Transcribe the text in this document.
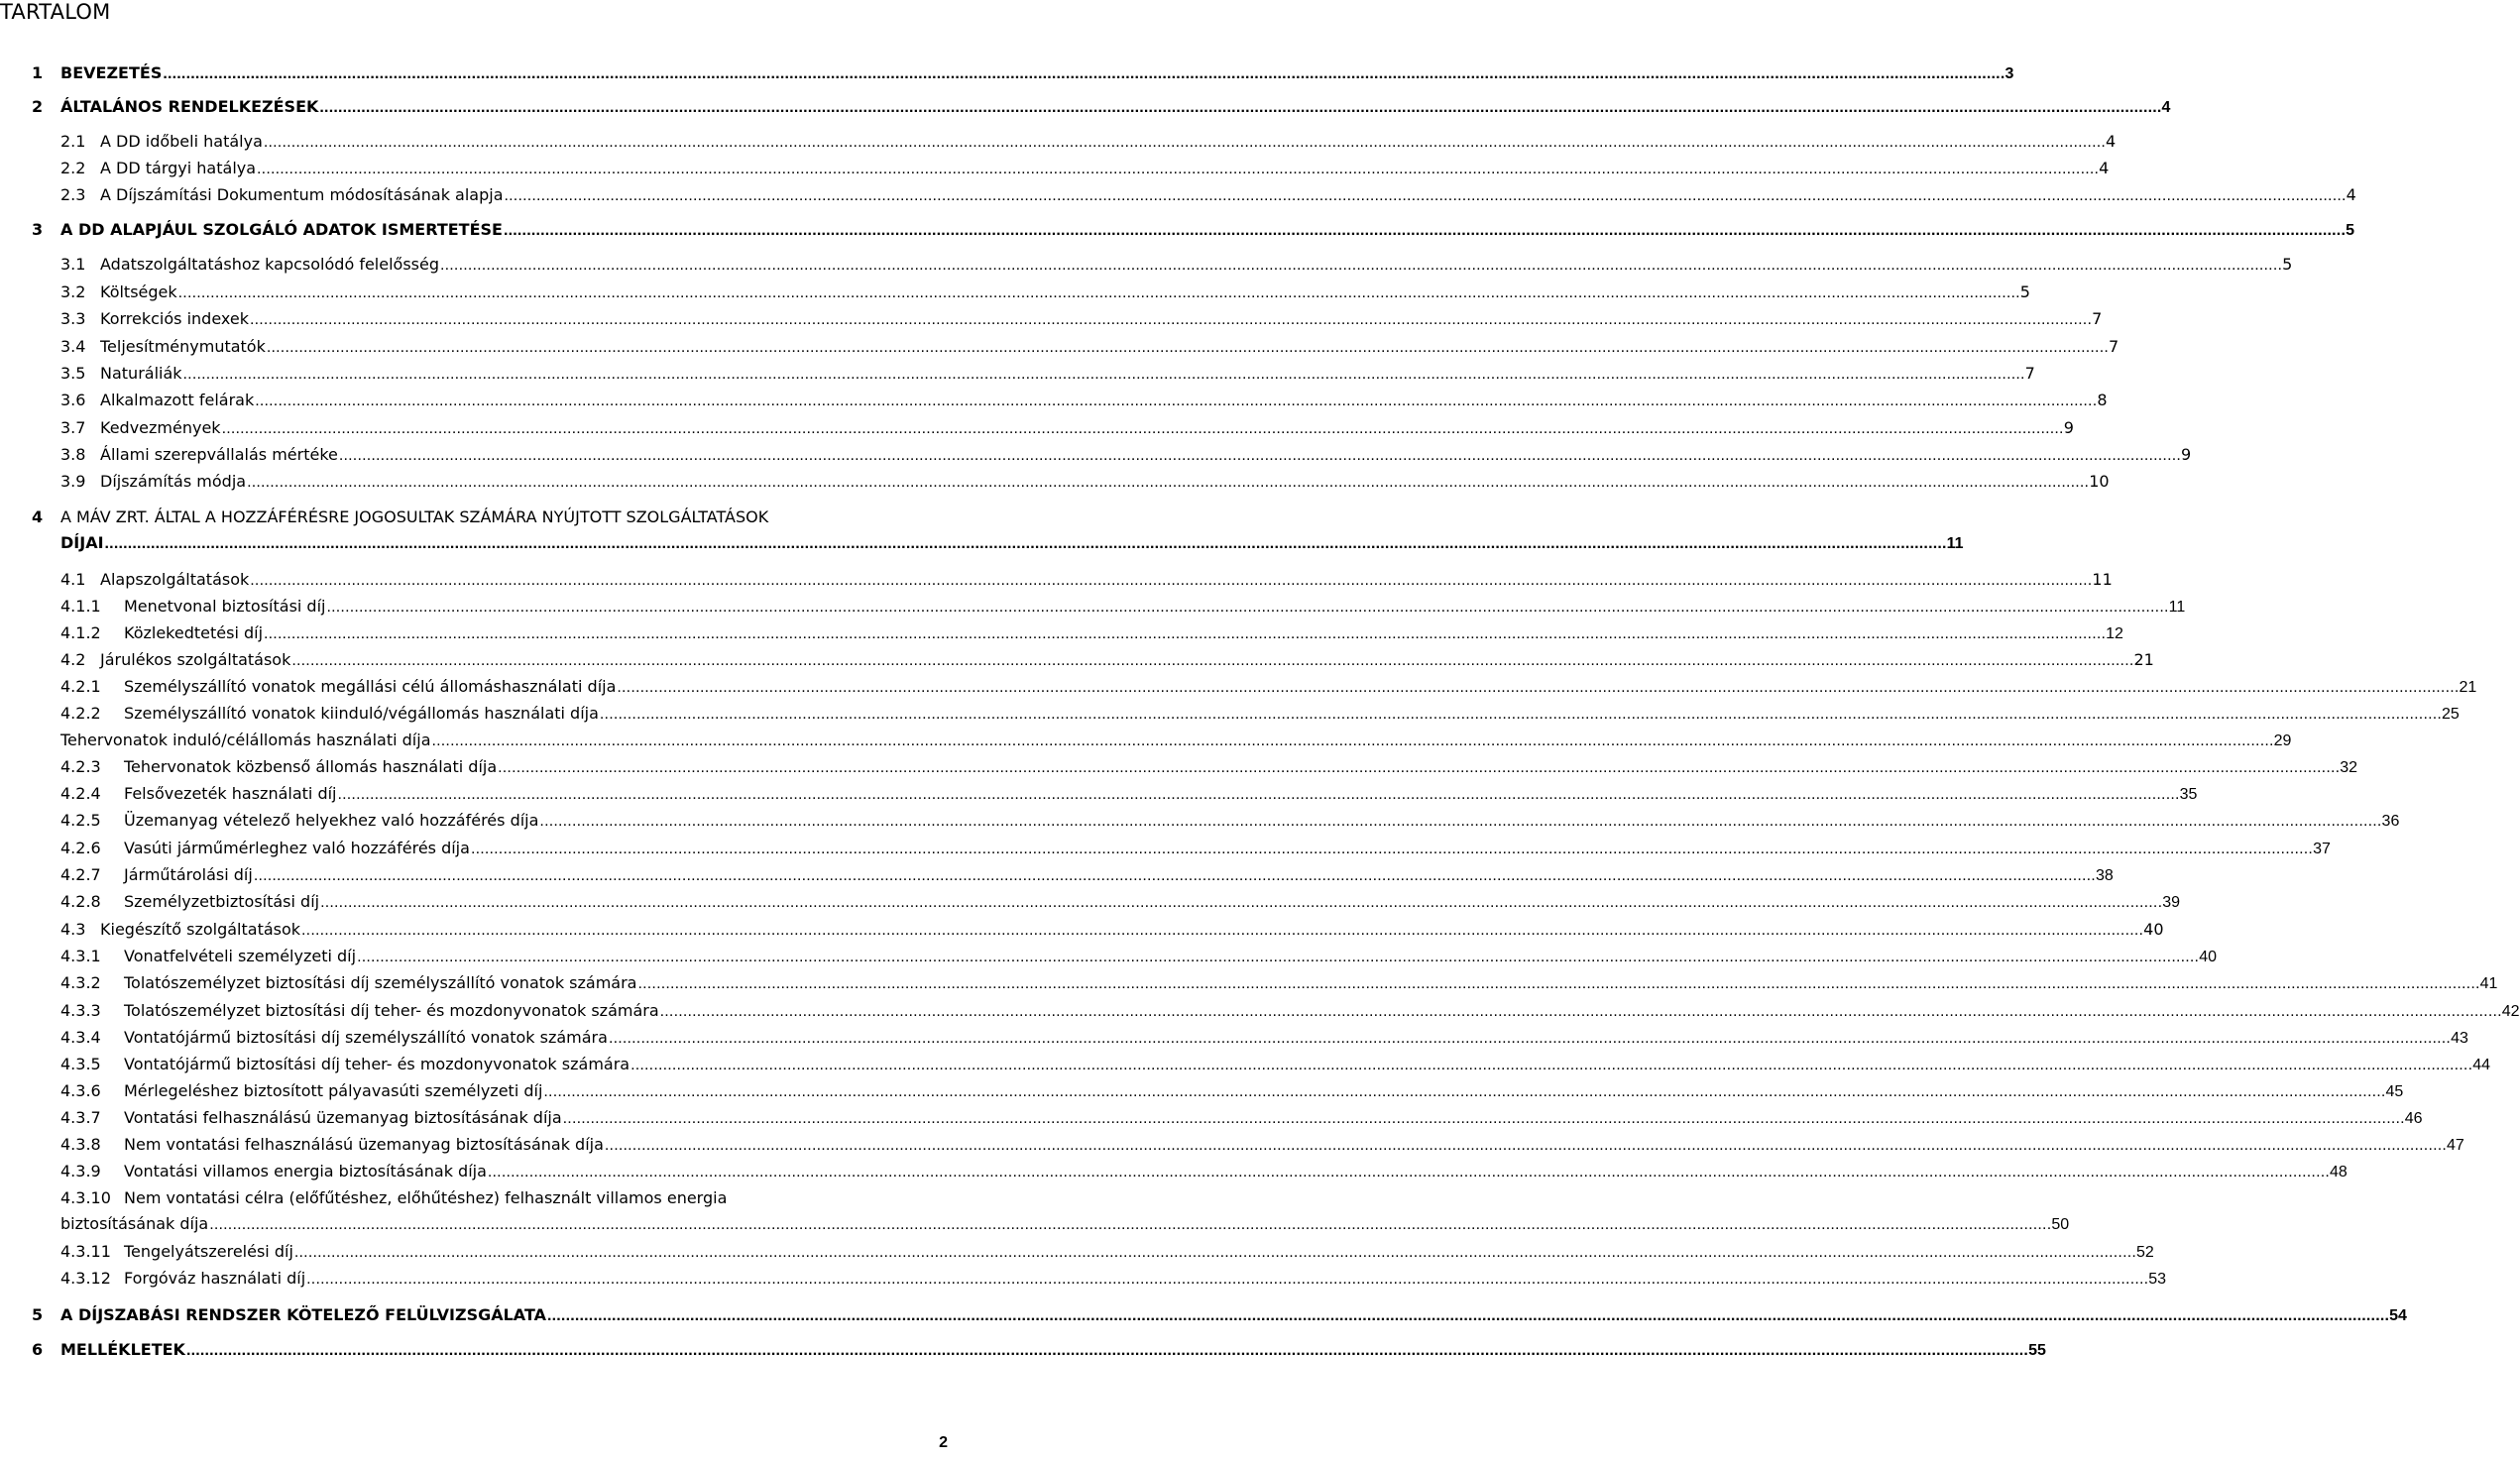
TARTALOM
1 BEVEZETÉS ................................................................................................................................................................................................................................................................................................................................................................................................................ 3
2 ÁLTALÁNOS RENDELKEZÉSEK ................................................................................................................................................................................................................................................................................................................................................................................................................ 4
2.1 A DD időbeli hatálya ................................................................................................................................................................................................................................................................................................................................................................................................................ 4
2.2 A DD tárgyi hatálya ................................................................................................................................................................................................................................................................................................................................................................................................................ 4
2.3 A Díjszámítási Dokumentum módosításának alapja ................................................................................................................................................................................................................................................................................................................................................................................................................ 4
3 A DD ALAPJÁUL SZOLGÁLÓ ADATOK ISMERTETÉSE ................................................................................................................................................................................................................................................................................................................................................................................................................ 5
3.1 Adatszolgáltatáshoz kapcsolódó felelősség ................................................................................................................................................................................................................................................................................................................................................................................................................ 5
3.2 Költségek ................................................................................................................................................................................................................................................................................................................................................................................................................ 5
3.3 Korrekciós indexek ................................................................................................................................................................................................................................................................................................................................................................................................................ 7
3.4 Teljesítménymutatók ................................................................................................................................................................................................................................................................................................................................................................................................................ 7
3.5 Naturáliák ................................................................................................................................................................................................................................................................................................................................................................................................................ 7
3.6 Alkalmazott felárak ................................................................................................................................................................................................................................................................................................................................................................................................................ 8
3.7 Kedvezmények ................................................................................................................................................................................................................................................................................................................................................................................................................ 9
3.8 Állami szerepvállalás mértéke ................................................................................................................................................................................................................................................................................................................................................................................................................ 9
3.9 Díjszámítás módja ................................................................................................................................................................................................................................................................................................................................................................................................................ 10
4 A MÁV ZRT. ÁLTAL A HOZZÁFÉRÉSRE JOGOSULTAK SZÁMÁRA NYÚJTOTT SZOLGÁLTATÁSOK
DÍJAI ................................................................................................................................................................................................................................................................................................................................................................................................................ 11
4.1 Alapszolgáltatások ................................................................................................................................................................................................................................................................................................................................................................................................................ 11
4.1.1 Menetvonal biztosítási díj ................................................................................................................................................................................................................................................................................................................................................................................................................ 11
4.1.2 Közlekedtetési díj ................................................................................................................................................................................................................................................................................................................................................................................................................ 12
4.2 Járulékos szolgáltatások ................................................................................................................................................................................................................................................................................................................................................................................................................ 21
4.2.1 Személyszállító vonatok megállási célú állomáshasználati díja ................................................................................................................................................................................................................................................................................................................................................................................................................ 21
4.2.2 Személyszállító vonatok kiinduló/végállomás használati díja ................................................................................................................................................................................................................................................................................................................................................................................................................ 25
Tehervonatok induló/célállomás használati díja ................................................................................................................................................................................................................................................................................................................................................................................................................ 29
4.2.3 Tehervonatok közbenső állomás használati díja ................................................................................................................................................................................................................................................................................................................................................................................................................ 32
4.2.4 Felsővezeték használati díj ................................................................................................................................................................................................................................................................................................................................................................................................................ 35
4.2.5 Üzemanyag vételező helyekhez való hozzáférés díja ................................................................................................................................................................................................................................................................................................................................................................................................................ 36
4.2.6 Vasúti járműmérleghez való hozzáférés díja ................................................................................................................................................................................................................................................................................................................................................................................................................ 37
4.2.7 Járműtárolási díj ................................................................................................................................................................................................................................................................................................................................................................................................................ 38
4.2.8 Személyzetbiztosítási díj ................................................................................................................................................................................................................................................................................................................................................................................................................ 39
4.3 Kiegészítő szolgáltatások ................................................................................................................................................................................................................................................................................................................................................................................................................ 40
4.3.1 Vonatfelvételi személyzeti díj ................................................................................................................................................................................................................................................................................................................................................................................................................ 40
4.3.2 Tolatószemélyzet biztosítási díj személyszállító vonatok számára ................................................................................................................................................................................................................................................................................................................................................................................................................ 41
4.3.3 Tolatószemélyzet biztosítási díj teher- és mozdonyvonatok számára ................................................................................................................................................................................................................................................................................................................................................................................................................ 42
4.3.4 Vontatójármű biztosítási díj személyszállító vonatok számára ................................................................................................................................................................................................................................................................................................................................................................................................................ 43
4.3.5 Vontatójármű biztosítási díj teher- és mozdonyvonatok számára ................................................................................................................................................................................................................................................................................................................................................................................................................ 44
4.3.6 Mérlegeléshez biztosított pályavasúti személyzeti díj ................................................................................................................................................................................................................................................................................................................................................................................................................ 45
4.3.7 Vontatási felhasználású üzemanyag biztosításának díja ................................................................................................................................................................................................................................................................................................................................................................................................................ 46
4.3.8 Nem vontatási felhasználású üzemanyag biztosításának díja ................................................................................................................................................................................................................................................................................................................................................................................................................ 47
4.3.9 Vontatási villamos energia biztosításának díja ................................................................................................................................................................................................................................................................................................................................................................................................................ 48
4.3.10 Nem vontatási célra (előfűtéshez, előhűtéshez) felhasznált villamos energia
biztosításának díja ................................................................................................................................................................................................................................................................................................................................................................................................................ 50
4.3.11 Tengelyátszerelési díj ................................................................................................................................................................................................................................................................................................................................................................................................................ 52
4.3.12 Forgóváz használati díj ................................................................................................................................................................................................................................................................................................................................................................................................................ 53
5 A DÍJSZABÁSI RENDSZER KÖTELEZŐ FELÜLVIZSGÁLATA ................................................................................................................................................................................................................................................................................................................................................................................................................ 54
6 MELLÉKLETEK ................................................................................................................................................................................................................................................................................................................................................................................................................ 55
2
